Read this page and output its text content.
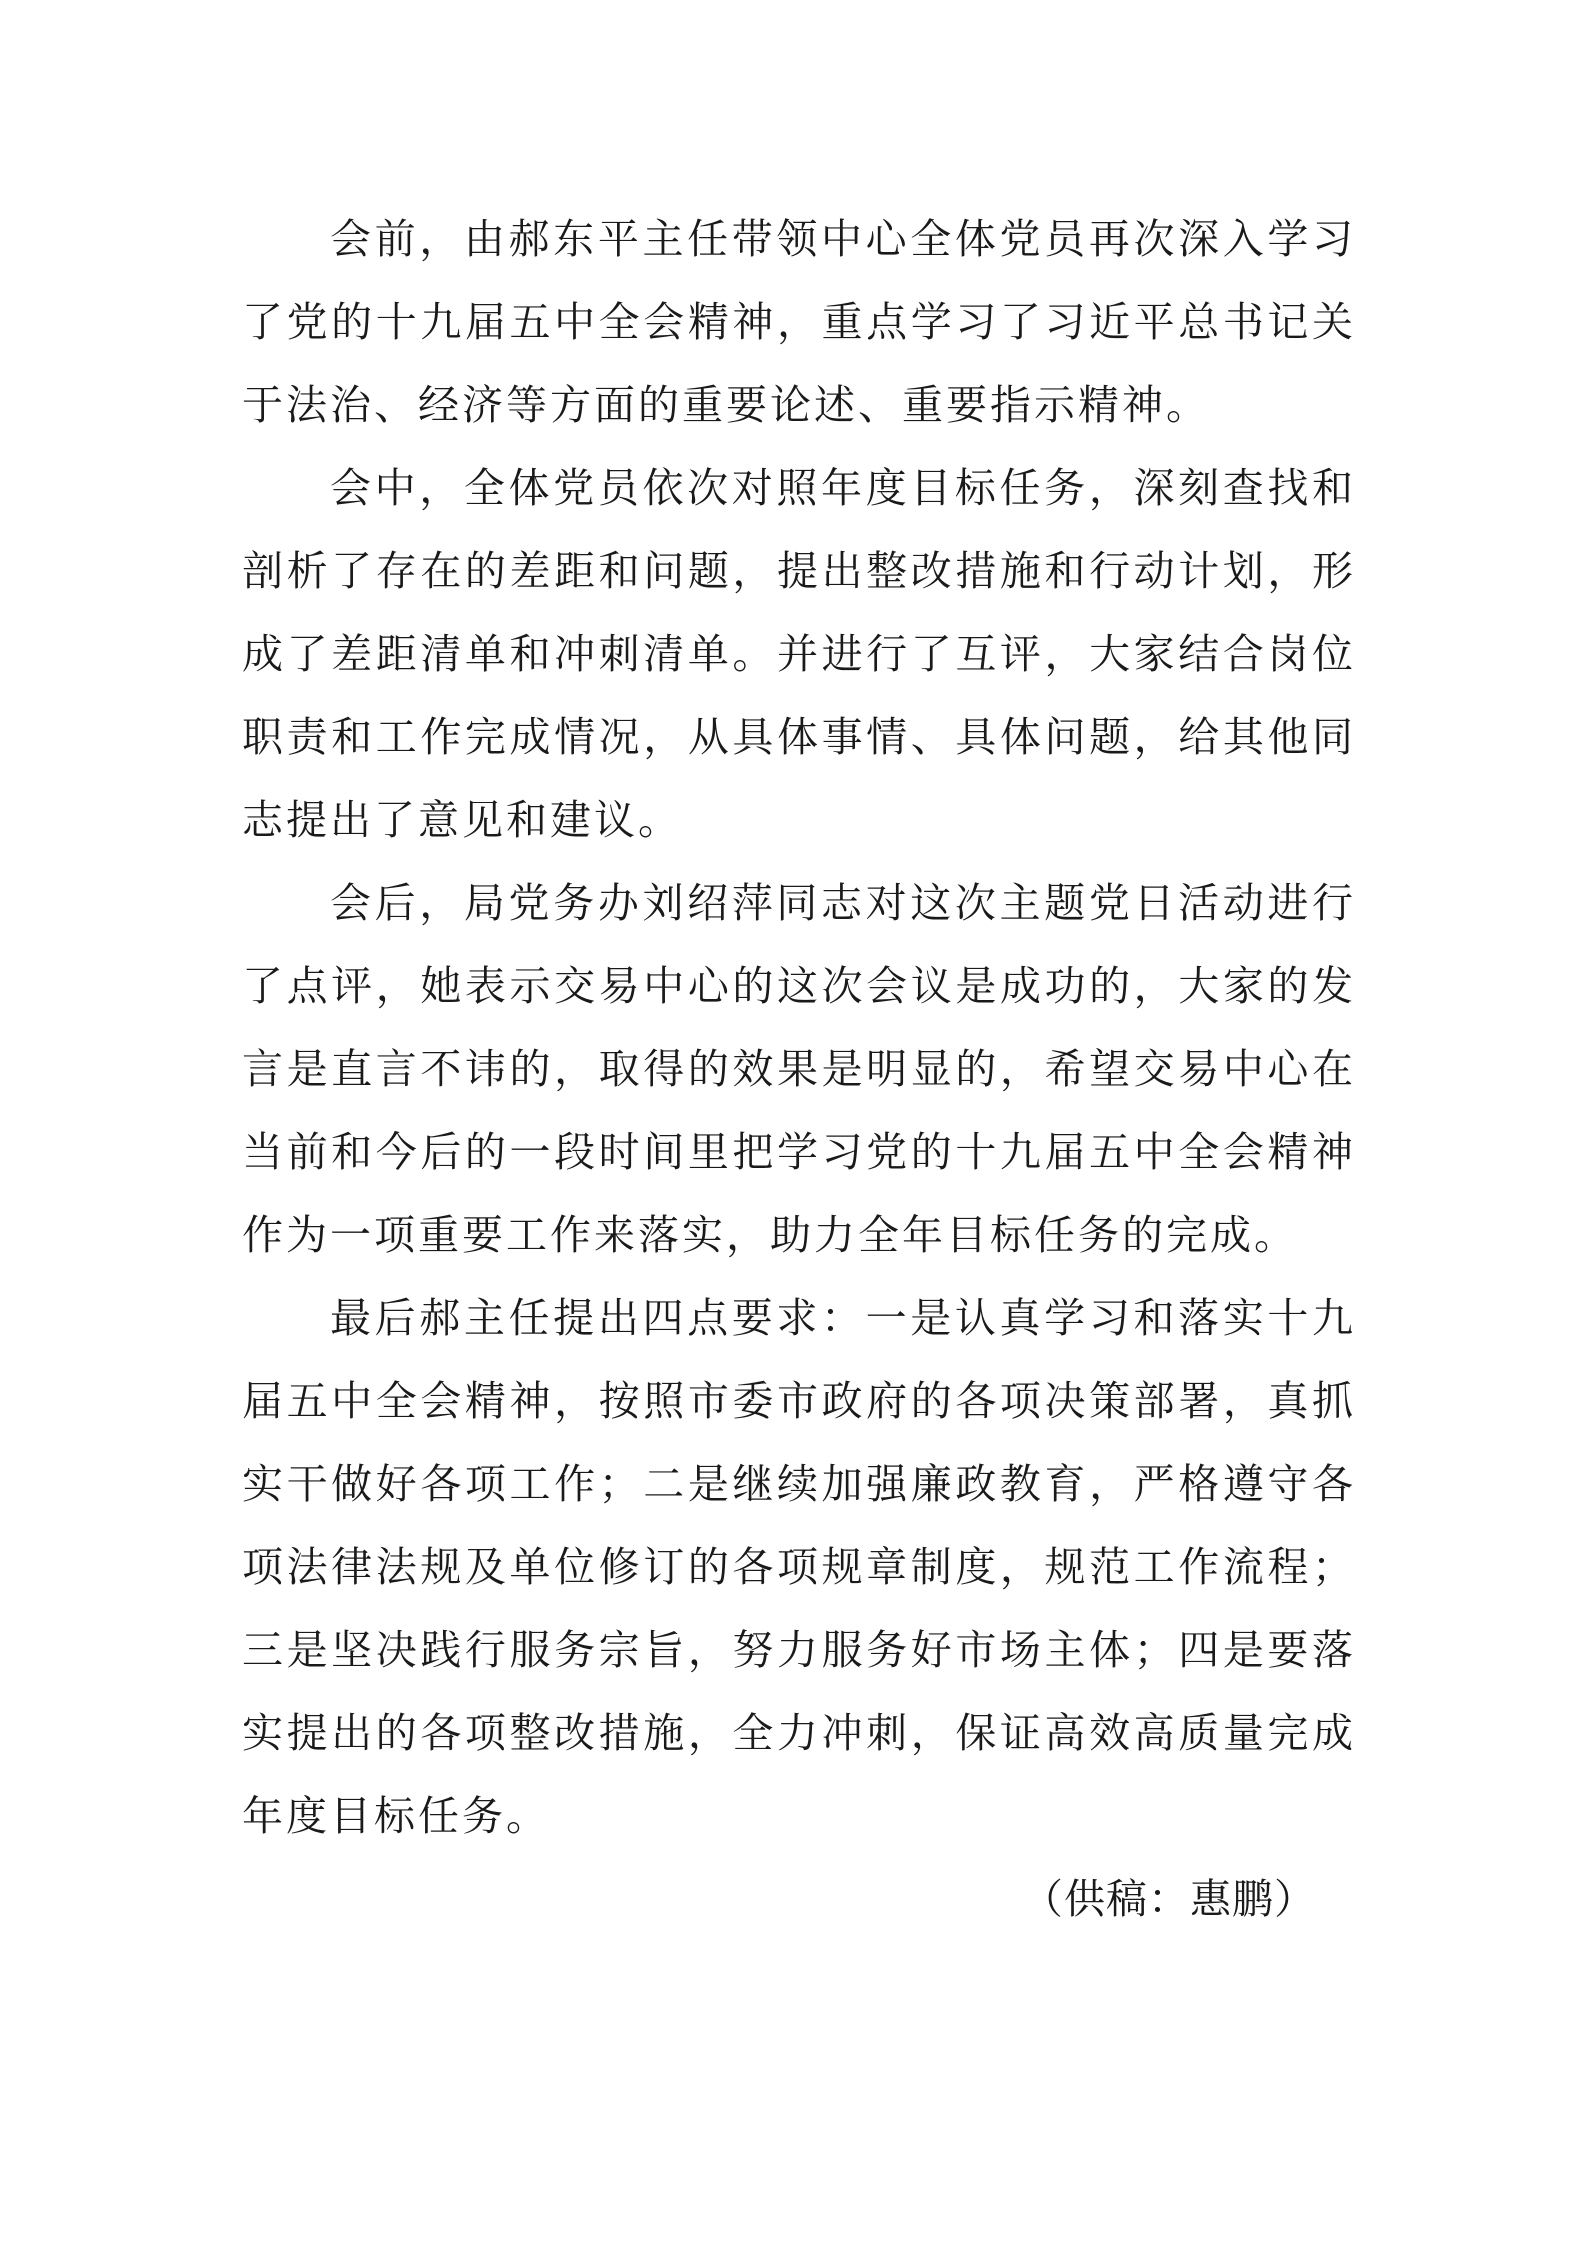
会前，由郝东平主任带领中心全体党员再次深入学习了党的十九届五中全会精神，重点学习了习近平总书记关于法治、经济等方面的重要论述、重要指示精神。

会中，全体党员依次对照年度目标任务，深刻查找和剖析了存在的差距和问题，提出整改措施和行动计划，形成了差距清单和冲刺清单。并进行了互评，大家结合岗位职责和工作完成情况，从具体事情、具体问题，给其他同志提出了意见和建议。

会后，局党务办刘绍萍同志对这次主题党日活动进行了点评，她表示交易中心的这次会议是成功的，大家的发言是直言不讳的，取得的效果是明显的，希望交易中心在当前和今后的一段时间里把学习党的十九届五中全会精神作为一项重要工作来落实，助力全年目标任务的完成。

最后郝主任提出四点要求：一是认真学习和落实十九届五中全会精神，按照市委市政府的各项决策部署，真抓实干做好各项工作；二是继续加强廉政教育，严格遵守各项法律法规及单位修订的各项规章制度，规范工作流程；三是坚决践行服务宗旨，努力服务好市场主体；四是要落实提出的各项整改措施，全力冲刺，保证高效高质量完成年度目标任务。

（供稿：惠鹏）
